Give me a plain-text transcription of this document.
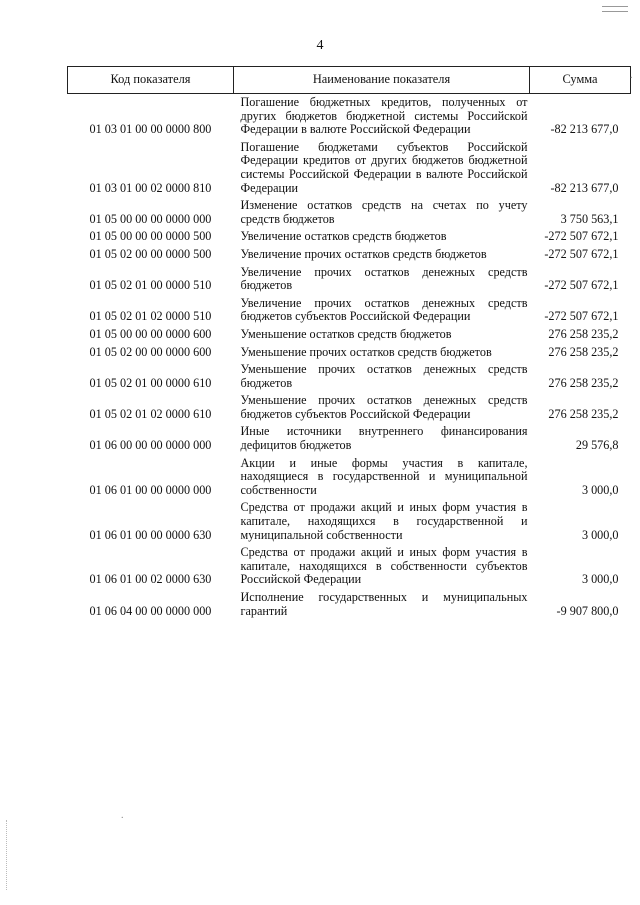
4
Код показателя	Наименование показателя	Сумма
01 03 01 00 00 0000 800	Погашение бюджетных кредитов, полученных от других бюджетов бюджетной системы Российской Федерации в валюте Российской Федерации	-82 213 677,0
01 03 01 00 02 0000 810	Погашение бюджетами субъектов Российской Федерации кредитов от других бюджетов бюджетной системы Российской Федерации в валюте Российской Федерации	-82 213 677,0
01 05 00 00 00 0000 000	Изменение остатков средств на счетах по учету средств бюджетов	3 750 563,1
01 05 00 00 00 0000 500	Увеличение остатков средств бюджетов	-272 507 672,1
01 05 02 00 00 0000 500	Увеличение прочих остатков средств бюджетов	-272 507 672,1
01 05 02 01 00 0000 510	Увеличение прочих остатков денежных средств бюджетов	-272 507 672,1
01 05 02 01 02 0000 510	Увеличение прочих остатков денежных средств бюджетов субъектов Российской Федерации	-272 507 672,1
01 05 00 00 00 0000 600	Уменьшение остатков средств бюджетов	276 258 235,2
01 05 02 00 00 0000 600	Уменьшение прочих остатков средств бюджетов	276 258 235,2
01 05 02 01 00 0000 610	Уменьшение прочих остатков денежных средств бюджетов	276 258 235,2
01 05 02 01 02 0000 610	Уменьшение прочих остатков денежных средств бюджетов субъектов Российской Федерации	276 258 235,2
01 06 00 00 00 0000 000	Иные источники внутреннего финансирования дефицитов бюджетов	29 576,8
01 06 01 00 00 0000 000	Акции и иные формы участия в капитале, находящиеся в государственной и муниципальной собственности	3 000,0
01 06 01 00 00 0000 630	Средства от продажи акций и иных форм участия в капитале, находящихся в государственной и муниципальной собственности	3 000,0
01 06 01 00 02 0000 630	Средства от продажи акций и иных форм участия в капитале, находящихся в собственности субъектов Российской Федерации	3 000,0
01 06 04 00 00 0000 000	Исполнение государственных и муниципальных гарантий	-9 907 800,0
.
.
